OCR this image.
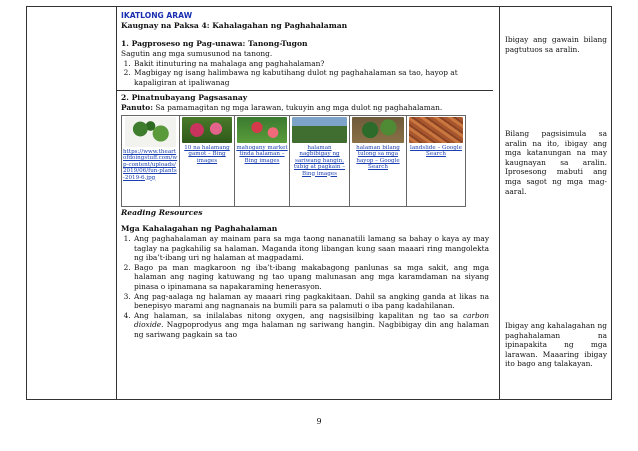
IKATLONG ARAW
Kaugnay na Paksa 4: Kahalagahan ng Paghahalaman
1. Pagproseso ng Pag-unawa: Tanong-Tugon
Sagutin ang mga sumusunod na tanong.
1. Bakit itinuturing na mahalaga ang paghahalaman?
2. Magbigay ng isang halimbawa ng kabutihang dulot ng paghahalaman sa tao, hayop at kapaligiran at ipaliwanag
2. Pinatnubayang Pagsasanay
Panuto: Sa pamamagitan ng mga larawan, tukuyin ang mga dulot ng paghahalaman.
https://www.theartofdoingstuff.com/wp-content/uploads/2019/06/fun-plants-2019-6.jpg
10 na halamang gamot – Bing images
mahogany market tinda halaman – Bing images
halaman nagbibigay ng sariwang hangin, tubig at pagkain – Bing images
halaman bilang tulong sa mga hayop – Google Search
landslide – Google Search
Reading Resources
Mga Kahalagahan ng Paghahalaman
1. Ang paghahalaman ay mainam para sa mga taong nananatili lamang sa bahay o kaya ay may taglay na pagkahilig sa halaman. Maganda itong libangan kung saan maaari ring mangolekta ng iba’t-ibang uri ng halaman at magpadami.
2. Bago pa man magkaroon ng iba’t-ibang makabagong panlunas sa mga sakit, ang mga halaman ang naging katuwang ng tao upang malunasan ang mga karamdaman na siyang pinasa o ipinamana sa napakaraming henerasyon.
3. Ang pag-aalaga ng halaman ay maaari ring pagkakitaan. Dahil sa angking ganda at likas na benepisyo marami ang nagnanais na bumili para sa palamuti o iba pang kadahilanan.
4. Ang halaman, sa inilalabas nitong oxygen, ang nagsisilbing kapalitan ng tao sa carbon dioxide. Nagpoprodyus ang mga halaman ng sariwang hangin. Nagbibigay din ang halaman ng sariwang pagkain sa tao
Ibigay ang gawain bilang pagtutuos sa aralin.
Bilang pagsisimula sa aralin na ito, ibigay ang mga katanungan na may kaugnayan sa aralin. Iprosesong mabuti ang mga sagot ng mga mag-aaral.
Ibigay ang kahalagahan ng paghahalaman na ipinapakita ng mga larawan. Maaaring ibigay ito bago ang talakayan.
9
